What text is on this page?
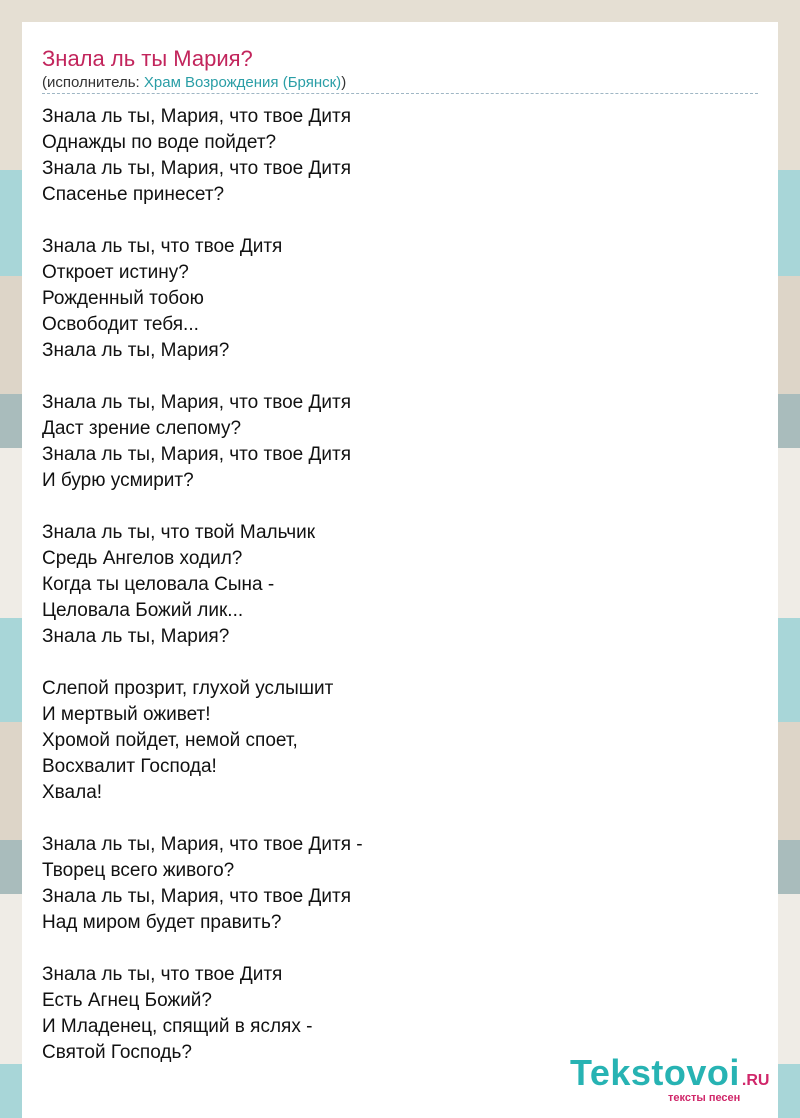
Знала ль ты Мария?
(исполнитель: Храм Возрождения (Брянск))
Знала ль ты, Мария, что твое Дитя
Однажды по воде пойдет?
Знала ль ты, Мария, что твое Дитя
Спасенье принесет?
Знала ль ты, что твое Дитя
Откроет истину?
Рожденный тобою
Освободит тебя...
Знала ль ты, Мария?
Знала ль ты, Мария, что твое Дитя
Даст зрение слепому?
Знала ль ты, Мария, что твое Дитя
И бурю усмирит?
Знала ль ты, что твой Мальчик
Средь Ангелов ходил?
Когда ты целовала Сына -
Целовала Божий лик...
Знала ль ты, Мария?
Слепой прозрит, глухой услышит
И мертвый оживет!
Хромой пойдет, немой споет,
Восхвалит Господа!
Хвала!
Знала ль ты, Мария, что твое Дитя -
Творец всего живого?
Знала ль ты, Мария, что твое Дитя
Над миром будет править?
Знала ль ты, что твое Дитя
Есть Агнец Божий?
И Младенец, спящий в яслях -
Святой Господь?	Tekstovoi .RU
тексты песен
